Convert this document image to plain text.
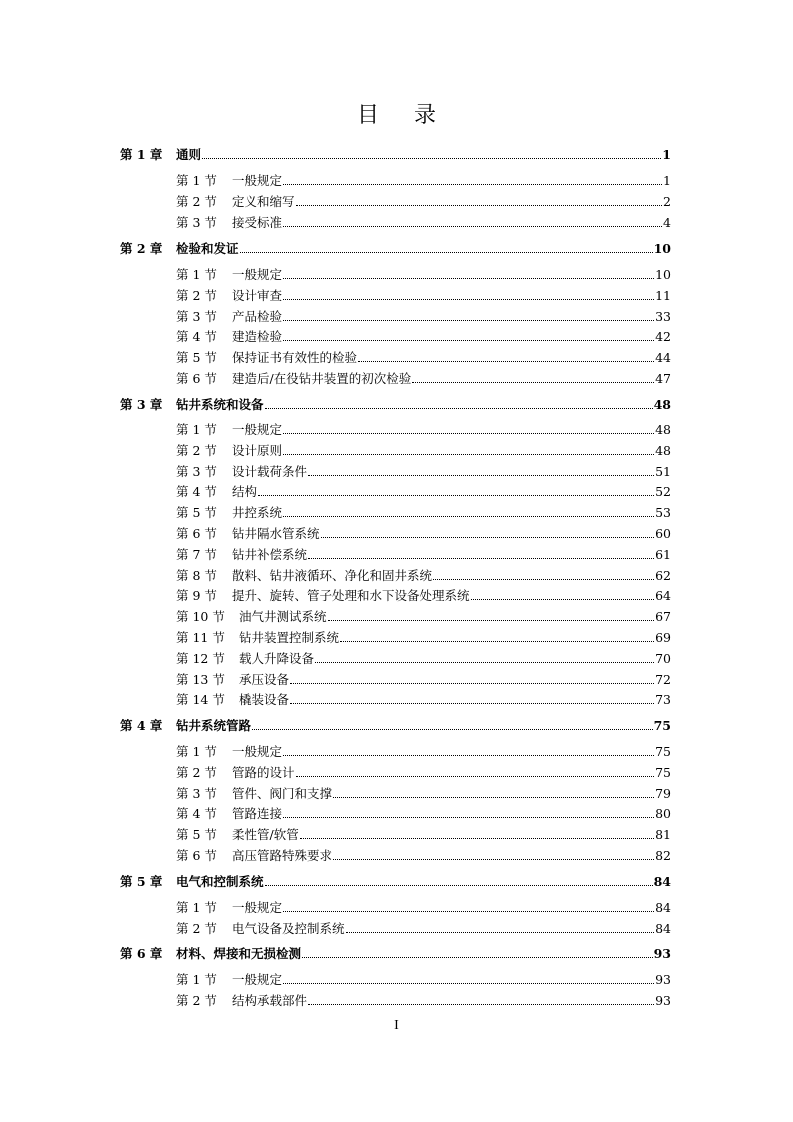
目 录
第 1 章	通则	1
第 1 节	一般规定	1
第 2 节	定义和缩写	2
第 3 节	接受标准	4
第 2 章	检验和发证	10
第 1 节	一般规定	10
第 2 节	设计审查	11
第 3 节	产品检验	33
第 4 节	建造检验	42
第 5 节	保持证书有效性的检验	44
第 6 节	建造后/在役钻井装置的初次检验	47
第 3 章	钻井系统和设备	48
第 1 节	一般规定	48
第 2 节	设计原则	48
第 3 节	设计载荷条件	51
第 4 节	结构	52
第 5 节	井控系统	53
第 6 节	钻井隔水管系统	60
第 7 节	钻井补偿系统	61
第 8 节	散料、钻井液循环、净化和固井系统	62
第 9 节	提升、旋转、管子处理和水下设备处理系统	64
第 10 节	油气井测试系统	67
第 11 节	钻井装置控制系统	69
第 12 节	载人升降设备	70
第 13 节	承压设备	72
第 14 节	橇装设备	73
第 4 章	钻井系统管路	75
第 1 节	一般规定	75
第 2 节	管路的设计	75
第 3 节	管件、阀门和支撑	79
第 4 节	管路连接	80
第 5 节	柔性管/软管	81
第 6 节	高压管路特殊要求	82
第 5 章	电气和控制系统	84
第 1 节	一般规定	84
第 2 节	电气设备及控制系统	84
第 6 章	材料、焊接和无损检测	93
第 1 节	一般规定	93
第 2 节	结构承载部件	93
I
